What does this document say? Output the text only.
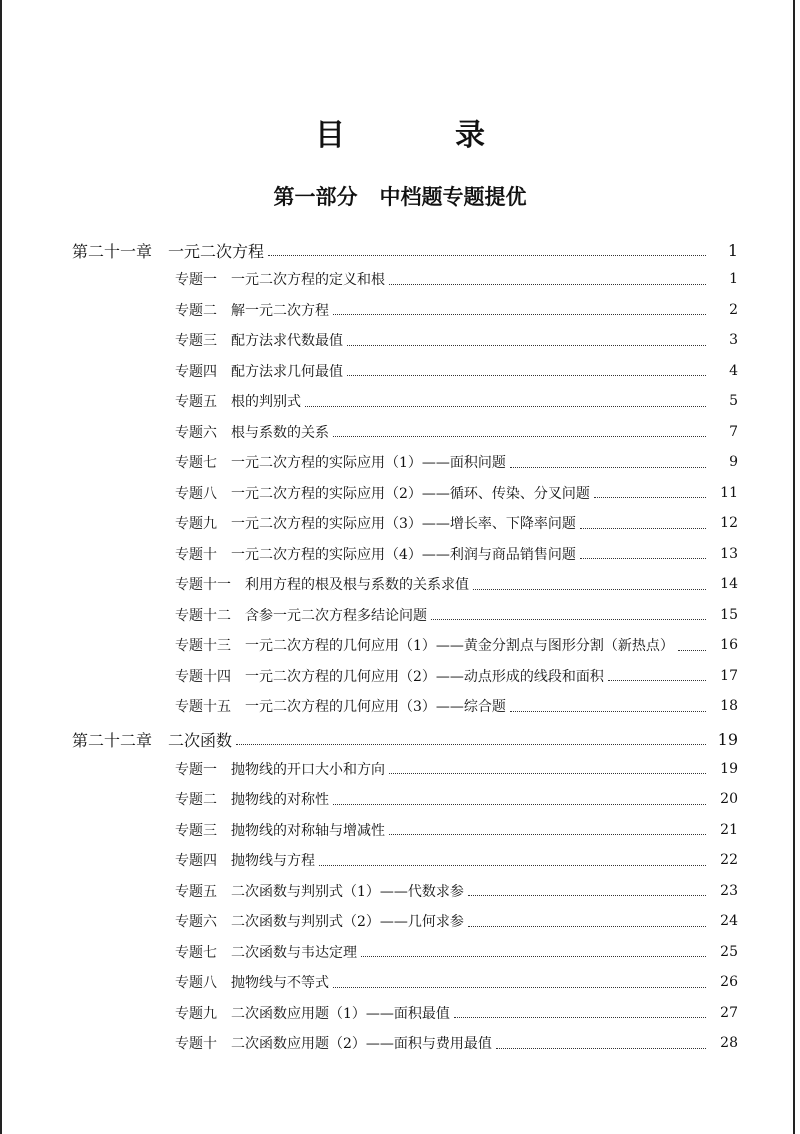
目　录
第一部分 中档题专题提优
第二十一章 一元二次方程	1
专题一 一元二次方程的定义和根	1
专题二 解一元二次方程	2
专题三 配方法求代数最值	3
专题四 配方法求几何最值	4
专题五 根的判别式	5
专题六 根与系数的关系	7
专题七 一元二次方程的实际应用（1）——面积问题	9
专题八 一元二次方程的实际应用（2）——循环、传染、分叉问题	11
专题九 一元二次方程的实际应用（3）——增长率、下降率问题	12
专题十 一元二次方程的实际应用（4）——利润与商品销售问题	13
专题十一 利用方程的根及根与系数的关系求值	14
专题十二 含参一元二次方程多结论问题	15
专题十三 一元二次方程的几何应用（1）——黄金分割点与图形分割（新热点）	16
专题十四 一元二次方程的几何应用（2）——动点形成的线段和面积	17
专题十五 一元二次方程的几何应用（3）——综合题	18
第二十二章 二次函数	19
专题一 抛物线的开口大小和方向	19
专题二 抛物线的对称性	20
专题三 抛物线的对称轴与增减性	21
专题四 抛物线与方程	22
专题五 二次函数与判别式（1）——代数求参	23
专题六 二次函数与判别式（2）——几何求参	24
专题七 二次函数与韦达定理	25
专题八 抛物线与不等式	26
专题九 二次函数应用题（1）——面积最值	27
专题十 二次函数应用题（2）——面积与费用最值	28
